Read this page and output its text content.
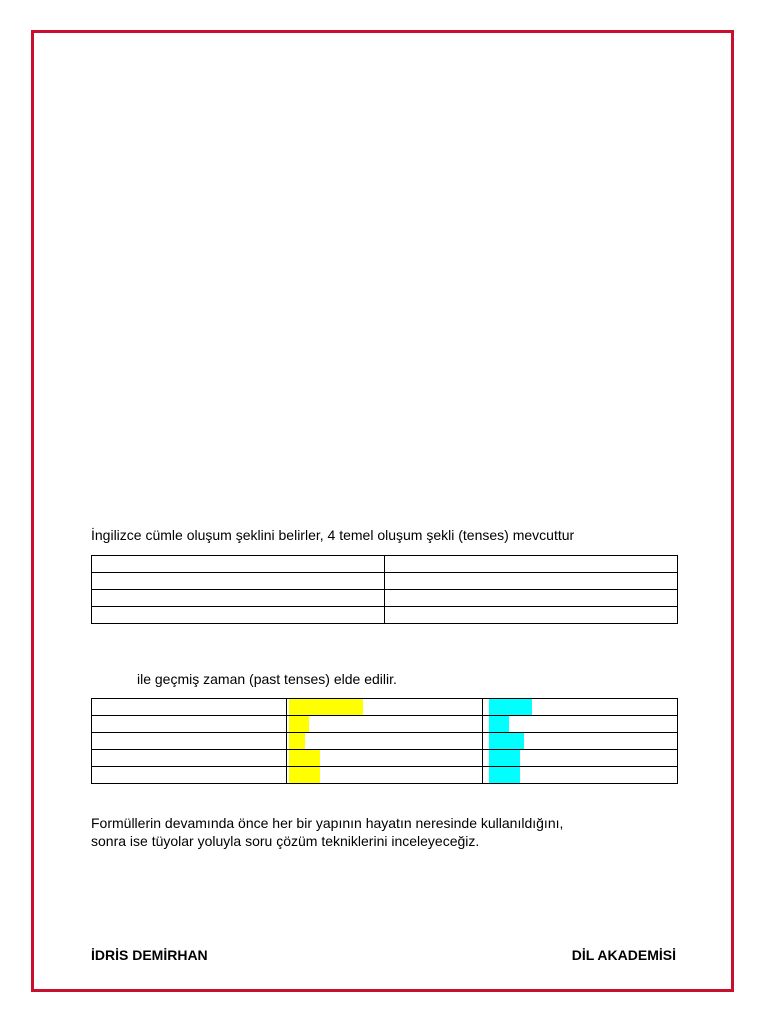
İngilizce cümle oluşum şeklini belirler, 4 temel oluşum şekli (tenses) mevcuttur

ile geçmiş zaman (past tenses) elde edilir.

Formüllerin devamında önce her bir yapının hayatın neresinde kullanıldığını,
sonra ise tüyolar yoluyla soru çözüm tekniklerini inceleyeceğiz.
İDRİS DEMİRHAN	DİL AKADEMİSİ
